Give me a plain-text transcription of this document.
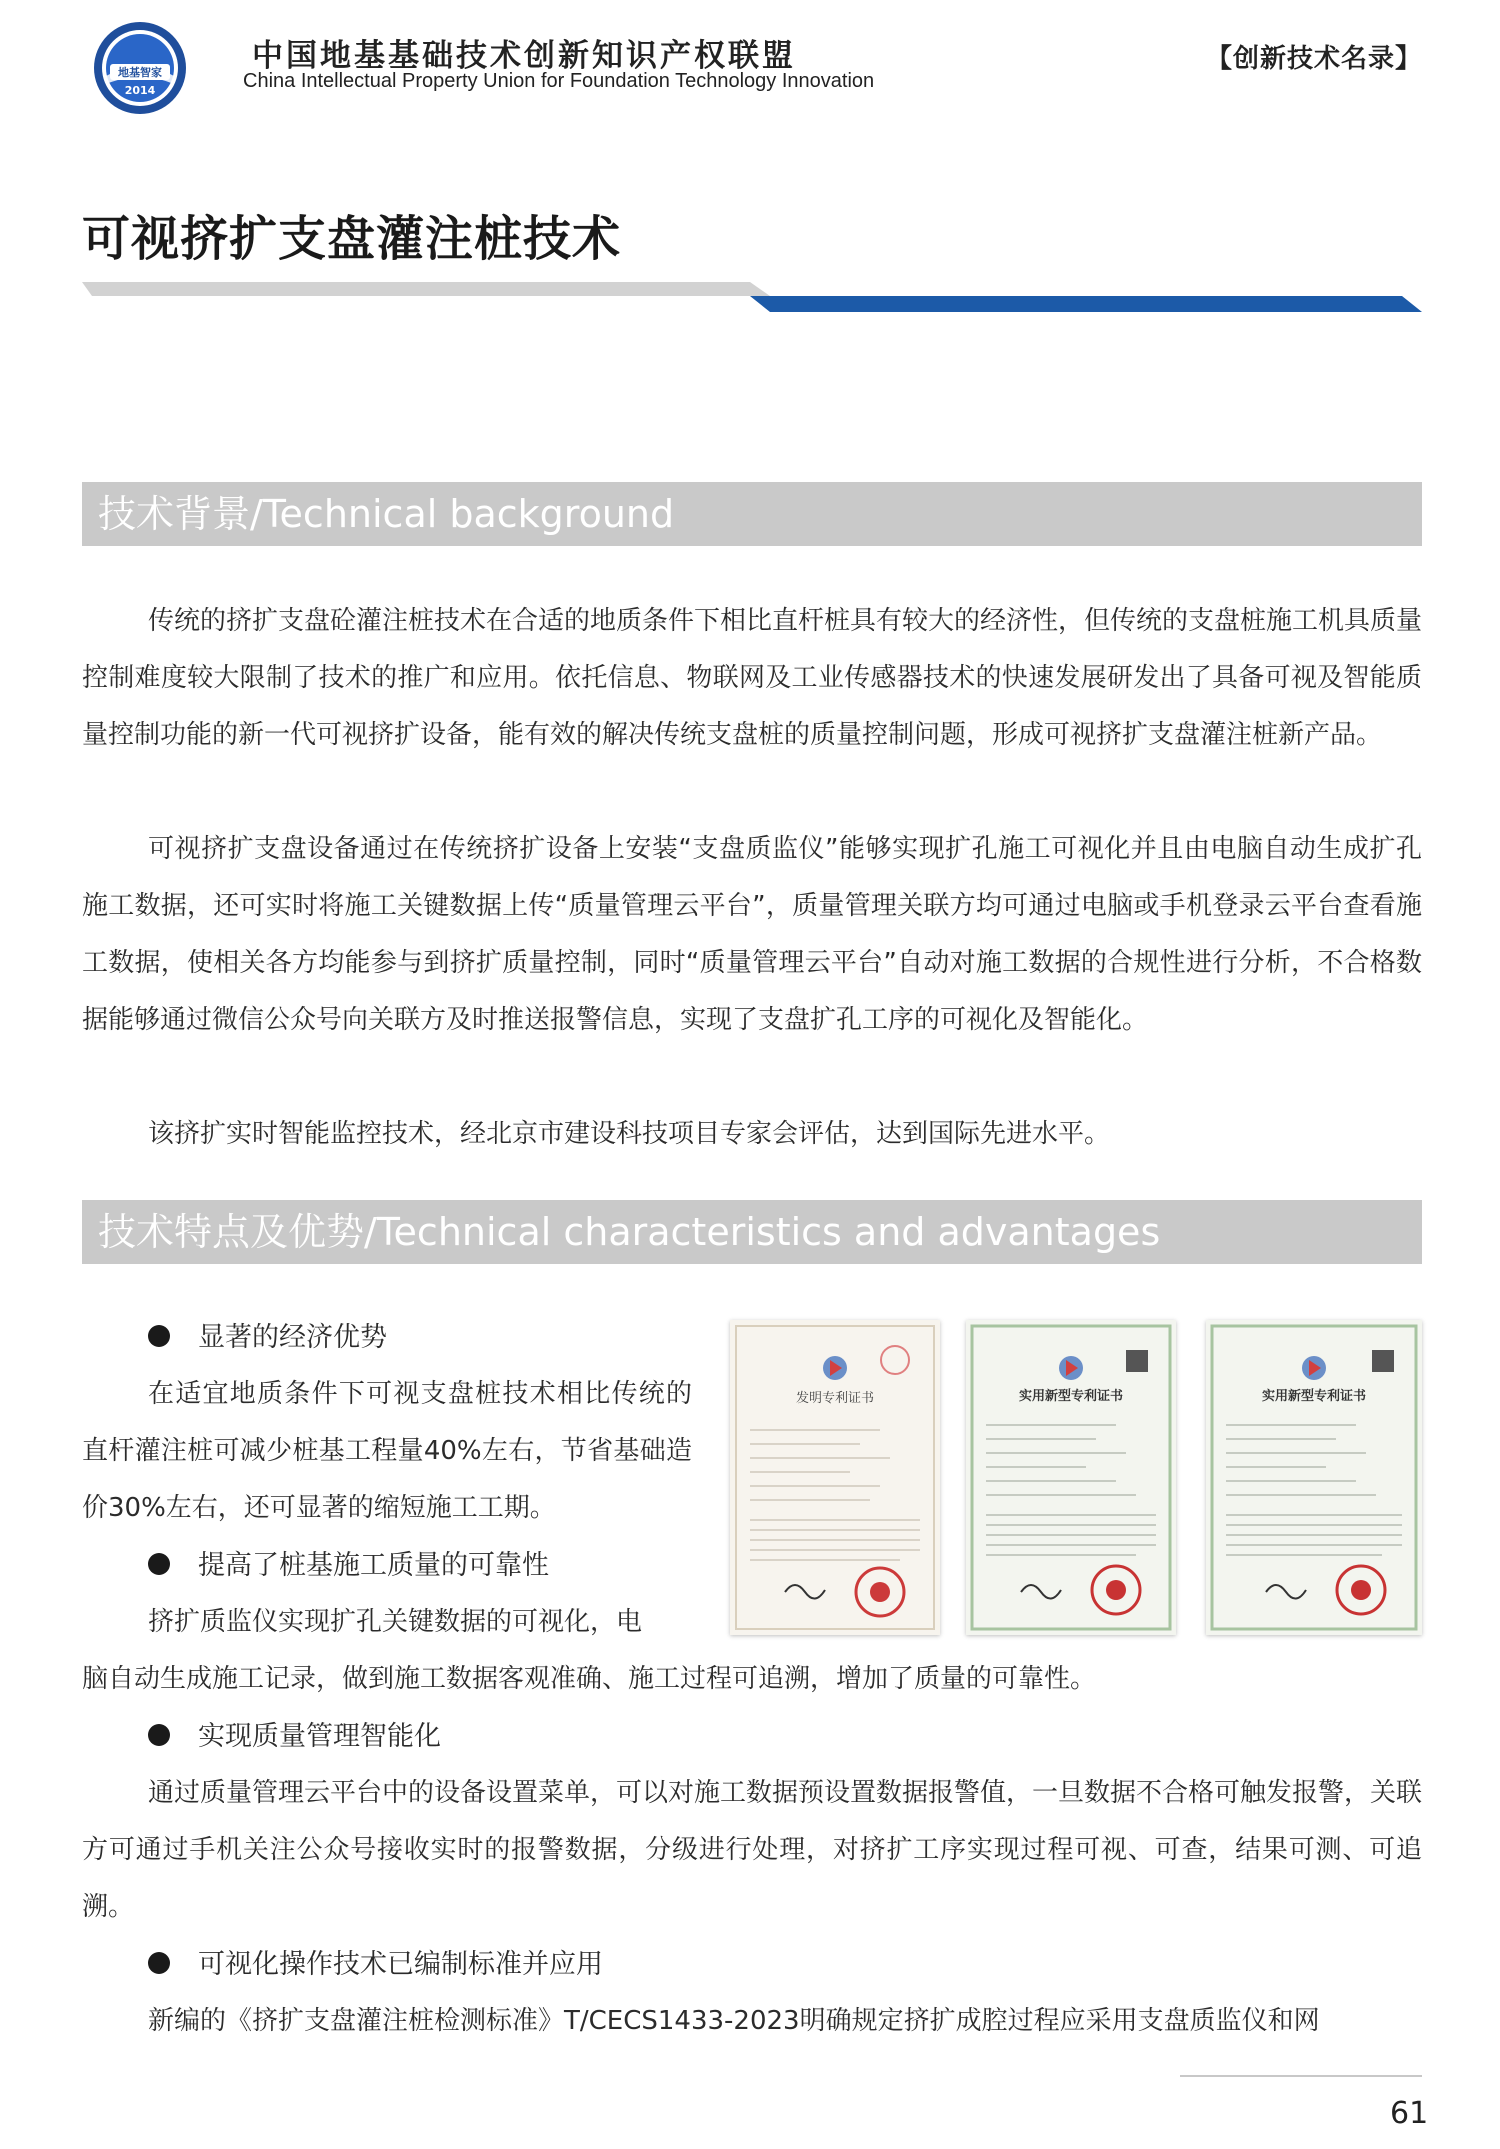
地基智家
2014
中国地基基础技术创新知识产权联盟
China Intellectual Property Union for Foundation Technology Innovation
【创新技术名录】
可视挤扩支盘灌注桩技术
技术背景/Technical background

传统的挤扩支盘砼灌注桩技术在合适的地质条件下相比直杆桩具有较大的经济性，但传统的支盘桩施工机具质量控制难度较大限制了技术的推广和应用。依托信息、物联网及工业传感器技术的快速发展研发出了具备可视及智能质量控制功能的新一代可视挤扩设备，能有效的解决传统支盘桩的质量控制问题，形成可视挤扩支盘灌注桩新产品。

可视挤扩支盘设备通过在传统挤扩设备上安装“支盘质监仪”能够实现扩孔施工可视化并且由电脑自动生成扩孔施工数据，还可实时将施工关键数据上传“质量管理云平台”，质量管理关联方均可通过电脑或手机登录云平台查看施工数据，使相关各方均能参与到挤扩质量控制，同时“质量管理云平台”自动对施工数据的合规性进行分析，不合格数据能够通过微信公众号向关联方及时推送报警信息，实现了支盘扩孔工序的可视化及智能化。

该挤扩实时智能监控技术，经北京市建设科技项目专家会评估，达到国际先进水平。

技术特点及优势/Technical characteristics and advantages
显著的经济优势

在适宜地质条件下可视支盘桩技术相比传统的直杆灌注桩可减少桩基工程量40%左右，节省基础造价30%左右，还可显著的缩短施工工期。

提高了桩基施工质量的可靠性

挤扩质监仪实现扩孔关键数据的可视化，电

脑自动生成施工记录，做到施工数据客观准确、施工过程可追溯，增加了质量的可靠性。

实现质量管理智能化

通过质量管理云平台中的设备设置菜单，可以对施工数据预设置数据报警值，一旦数据不合格可触发报警，关联方可通过手机关注公众号接收实时的报警数据，分级进行处理，对挤扩工序实现过程可视、可查，结果可测、可追溯。

可视化操作技术已编制标准并应用

新编的《挤扩支盘灌注桩检测标准》T/CECS1433-2023明确规定挤扩成腔过程应采用支盘质监仪和网

发明专利证书	实用新型专利证书	实用新型专利证书
61
